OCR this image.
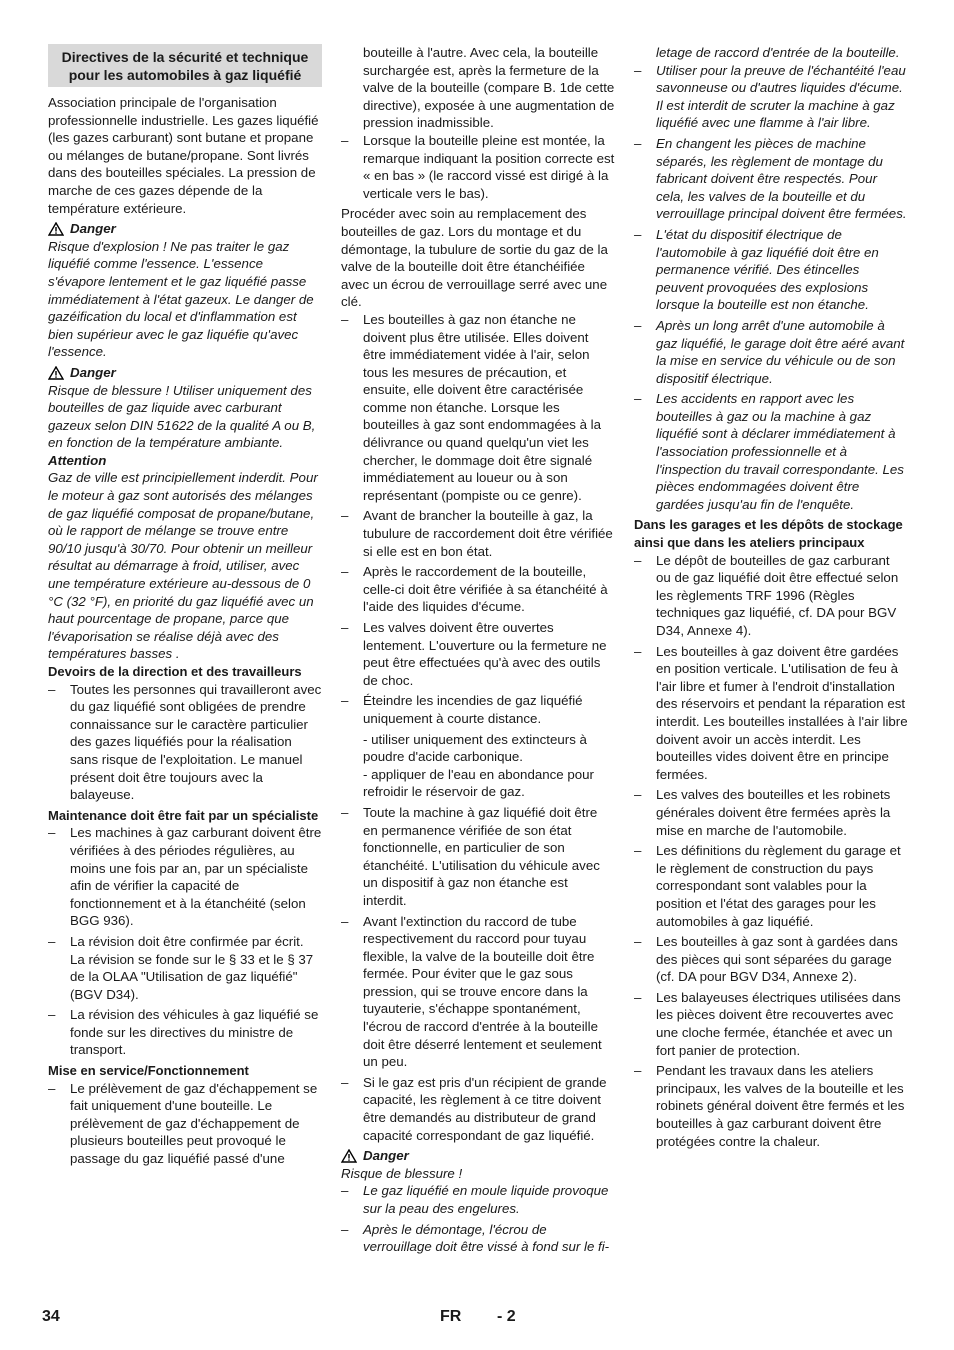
Directives de la sécurité et technique pour les automobiles à gaz liquéfié

Association principale de l'organisation professionnelle industrielle. Les gazes liquéfié (les gazes carburant) sont butane et propane ou mélanges de butane/propane. Sont livrés dans des bouteilles spéciales. La pression de marche de ces gazes dépende de la température extérieure.

Danger

Risque d'explosion ! Ne pas traiter le gaz liquéfié comme l'essence. L'essence s'évapore lentement et le gaz liquéfié passe immédiatement à l'état gazeux. Le danger de gazéification du local et d'inflammation est bien supérieur avec le gaz liquéfie qu'avec l'essence.

Danger

Risque de blessure ! Utiliser uniquement des bouteilles de gaz liquide avec carburant gazeux selon DIN 51622 de la qualité A ou B, en fonction de la température ambiante.

Attention

Gaz de ville est principiellement inderdit. Pour le moteur à gaz sont autorisés des mélanges de gaz liquéfié composat de propane/butane, où le rapport de mélange se trouve entre 90/10 jusqu'à 30/70. Pour obtenir un meilleur résultat au démarrage à froid, utiliser, avec une température extérieure au-dessous de 0 °C (32 °F), en priorité du gaz liquéfié avec un haut pourcentage de propane, parce que l'évaporisation se réalise déjà avec des températures basses .

Devoirs de la direction et des travailleurs

– Toutes les personnes qui travailleront avec du gaz liquéfié sont obligées de prendre connaissance sur le caractère particulier des gazes liquéfiés pour la réalisation sans risque de l'exploitation. Le manuel présent doit être toujours avec la balayeuse.

Maintenance doit être fait par un spécialiste

– Les machines à gaz carburant doivent être vérifiées à des périodes régulières, au moins une fois par an, par un spécialiste afin de vérifier la capacité de fonctionnement et à la étanchéité (selon BGG 936).
– La révision doit être confirmée par écrit. La révision se fonde sur le § 33 et le § 37 de la OLAA "Utilisation de gaz liquéfié" (BGV D34).
– La révision des véhicules à gaz liquéfié se fonde sur les directives du ministre de transport.

Mise en service/Fonctionnement

– Le prélèvement de gaz d'échappement se fait uniquement d'une bouteille. Le prélèvement de gaz d'échappement de plusieurs bouteilles peut provoqué le passage du gaz liquéfié passé d'une

bouteille à l'autre. Avec cela, la bouteille surchargée est, après la fermeture de la valve de la bouteille (compare B. 1de cette directive), exposée à une augmentation de pression inadmissible.

– Lorsque la bouteille pleine est montée, la remarque indiquant la position correcte est « en bas » (le raccord vissé est dirigé à la verticale vers le bas).

Procéder avec soin au remplacement des bouteilles de gaz. Lors du montage et du démontage, la tubulure de sortie du gaz de la valve de la bouteille doit être étanchéifiée avec un écrou de verrouillage serré avec une clé.

– Les bouteilles à gaz non étanche ne doivent plus être utilisée. Elles doivent être immédiatement vidée à l'air, selon tous les mesures de précaution, et ensuite, elle doivent être caractérisée comme non étanche. Lorsque les bouteilles à gaz sont endommagées à la délivrance ou quand quelqu'un viet les chercher, le dommage doit être signalé immédiatement au loueur ou à son représentant (pompiste ou ce genre).
– Avant de brancher la bouteille à gaz, la tubulure de raccordement doit être vérifiée si elle est en bon état.
– Après le raccordement de la bouteille, celle-ci doit être vérifiée à sa étanchéité à l'aide des liquides d'écume.
– Les valves doivent être ouvertes lentement. L'ouverture ou la fermeture ne peut être effectuées qu'à avec des outils de choc.
– Éteindre les incendies de gaz liquéfié uniquement à courte distance.

- utiliser uniquement des extincteurs à poudre d'acide carbonique.

- appliquer de l'eau en abondance pour refroidir le réservoir de gaz.

– Toute la machine à gaz liquéfié doit être en permanence vérifiée de son état fonctionnelle, en particulier de son étanchéité. L'utilisation du véhicule avec un dispositif à gaz non étanche est interdit.
– Avant l'extinction du raccord de tube respectivement du raccord pour tuyau flexible, la valve de la bouteille doit être fermée. Pour éviter que le gaz sous pression, qui se trouve encore dans la tuyauterie, s'échappe spontanément, l'écrou de raccord d'entrée à la bouteille doit être déserré lentement et seulement un peu.
– Si le gaz est pris d'un récipient de grande capacité, les règlement à ce titre doivent être demandés au distributeur de grand capacité correspondant de gaz liquéfié.
Danger

Risque de blessure !

– Le gaz liquéfié en moule liquide provoque sur la peau des engelures.
– Après le démontage, l'écrou de verrouillage doit être vissé à fond sur le fi-

letage de raccord d'entrée de la bouteille.

– Utiliser pour la preuve de l'échantéité l'eau savonneuse ou d'autres liquides d'écume. Il est interdit de scruter la machine à gaz liquéfié avec une flamme à l'air libre.
– En changent les pièces de machine séparés, les règlement de montage du fabricant doivent être respectés. Pour cela, les valves de la bouteille et du verrouillage principal doivent être fermées.
– L'état du dispositif électrique de l'automobile à gaz liquéfié doit être en permanence vérifié. Des étincelles peuvent provoquées des explosions lorsque la bouteille est non étanche.
– Après un long arrêt d'une automobile à gaz liquéfié, le garage doit être aéré avant la mise en service du véhicule ou de son dispositif électrique.
– Les accidents en rapport avec les bouteilles à gaz ou la machine à gaz liquéfié sont à déclarer immédiatement à l'association professionnelle et à l'inspection du travail correspondante. Les pièces endommagées doivent être gardées jusqu'au fin de l'enquête.

Dans les garages et les dépôts de stockage ainsi que dans les ateliers principaux

– Le dépôt de bouteilles de gaz carburant ou de gaz liquéfié doit être effectué selon les règlements TRF 1996 (Règles techniques gaz liquéfié, cf. DA pour BGV D34, Annexe 4).
– Les bouteilles à gaz doivent être gardées en position verticale. L'utilisation de feu à l'air libre et fumer à l'endroit d'installation des réservoirs et pendant la réparation est interdit. Les bouteilles installées à l'air libre doivent avoir un accès interdit. Les bouteilles vides doivent être en principe fermées.
– Les valves des bouteilles et les robinets générales doivent être fermées après la mise en marche de l'automobile.
– Les définitions du règlement du garage et le règlement de construction du pays correspondant sont valables pour la position et l'état des garages pour les automobiles à gaz liquéfié.
– Les bouteilles à gaz sont à gardées dans des pièces qui sont séparées du garage (cf. DA pour BGV D34, Annexe 2).
– Les balayeuses électriques utilisées dans les pièces doivent être recouvertes avec une cloche fermée, étanchée et avec un fort panier de protection.
– Pendant les travaux dans les ateliers principaux, les valves de la bouteille et les robinets général doivent être fermés et les bouteilles à gaz carburant doivent être protégées contre la chaleur.
34	FR - 2
